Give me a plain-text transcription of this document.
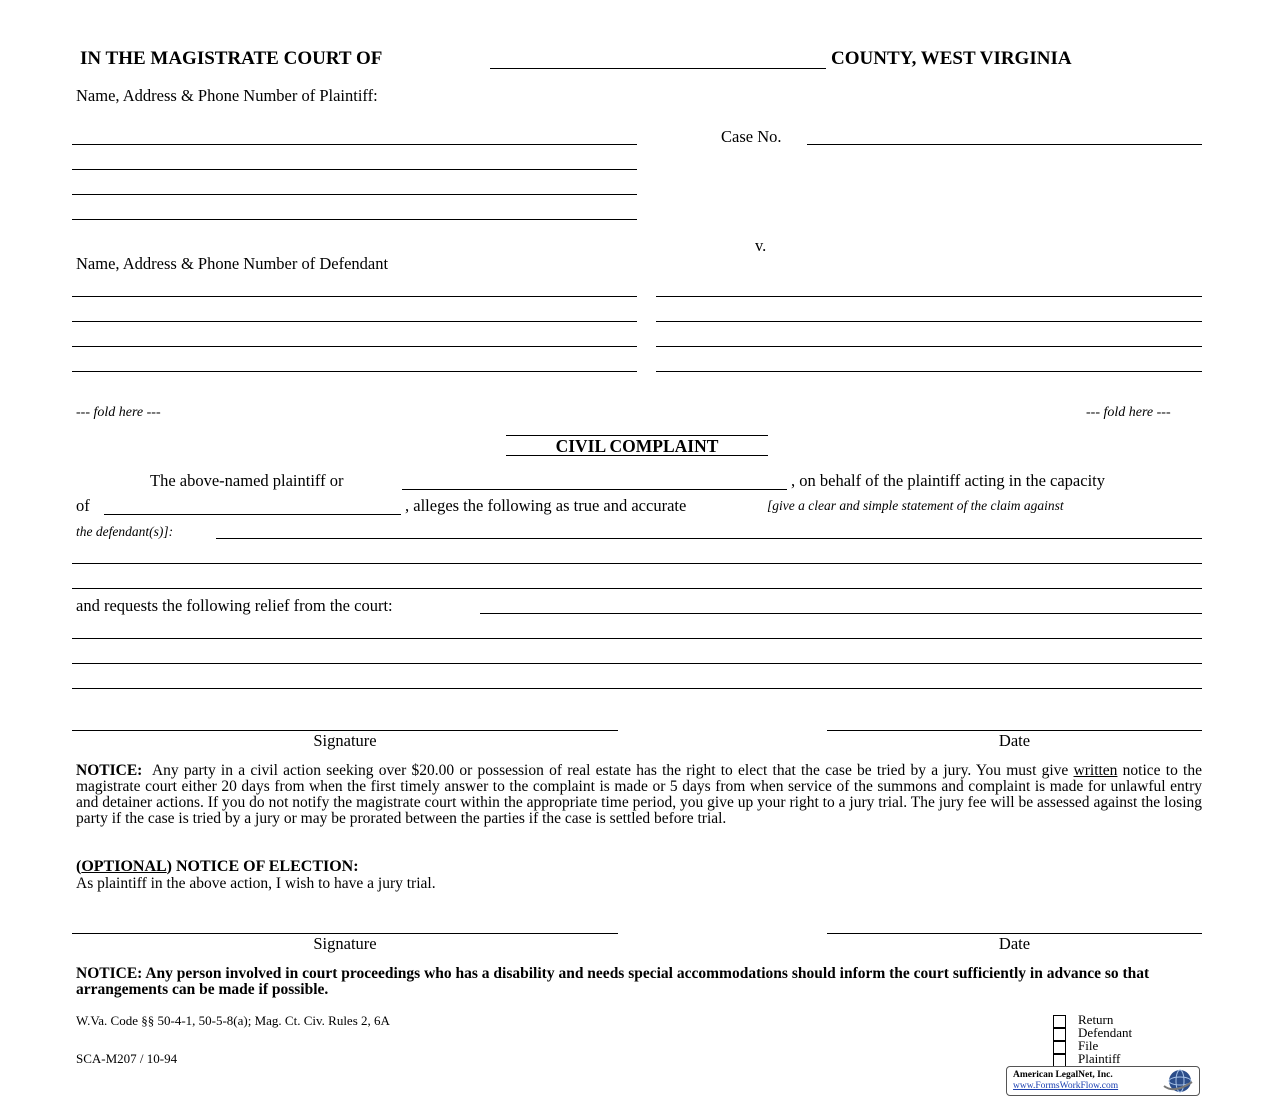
IN THE MAGISTRATE COURT OF	COUNTY, WEST VIRGINIA
Name, Address & Phone Number of Plaintiff:
Case No.
v.
Name, Address & Phone Number of Defendant
--- fold here ---	--- fold here ---
CIVIL COMPLAINT
The above-named plaintiff or	, on behalf of the plaintiff acting in the capacity
of	, alleges the following as true and accurate	[give a clear and simple statement of the claim against
the defendant(s)]:
and requests the following relief from the court:
Signature	Date
NOTICE: Any party in a civil action seeking over $20.00 or possession of real estate has the right to elect that the case be tried by a jury. You must give written notice to the magistrate court either 20 days from when the first timely answer to the complaint is made or 5 days from when service of the summons and complaint is made for unlawful entry and detainer actions. If you do not notify the magistrate court within the appropriate time period, you give up your right to a jury trial. The jury fee will be assessed against the losing party if the case is tried by a jury or may be prorated between the parties if the case is settled before trial.
(OPTIONAL) NOTICE OF ELECTION:
As plaintiff in the above action, I wish to have a jury trial.
Signature	Date
NOTICE: Any person involved in court proceedings who has a disability and needs special accommodations should inform the court sufficiently in advance so that arrangements can be made if possible.
W.Va. Code §§ 50-4-1, 50-5-8(a); Mag. Ct. Civ. Rules 2, 6A
SCA-M207 / 10-94
Return
Defendant
File
Plaintiff
American LegalNet, Inc.
www.FormsWorkFlow.com
